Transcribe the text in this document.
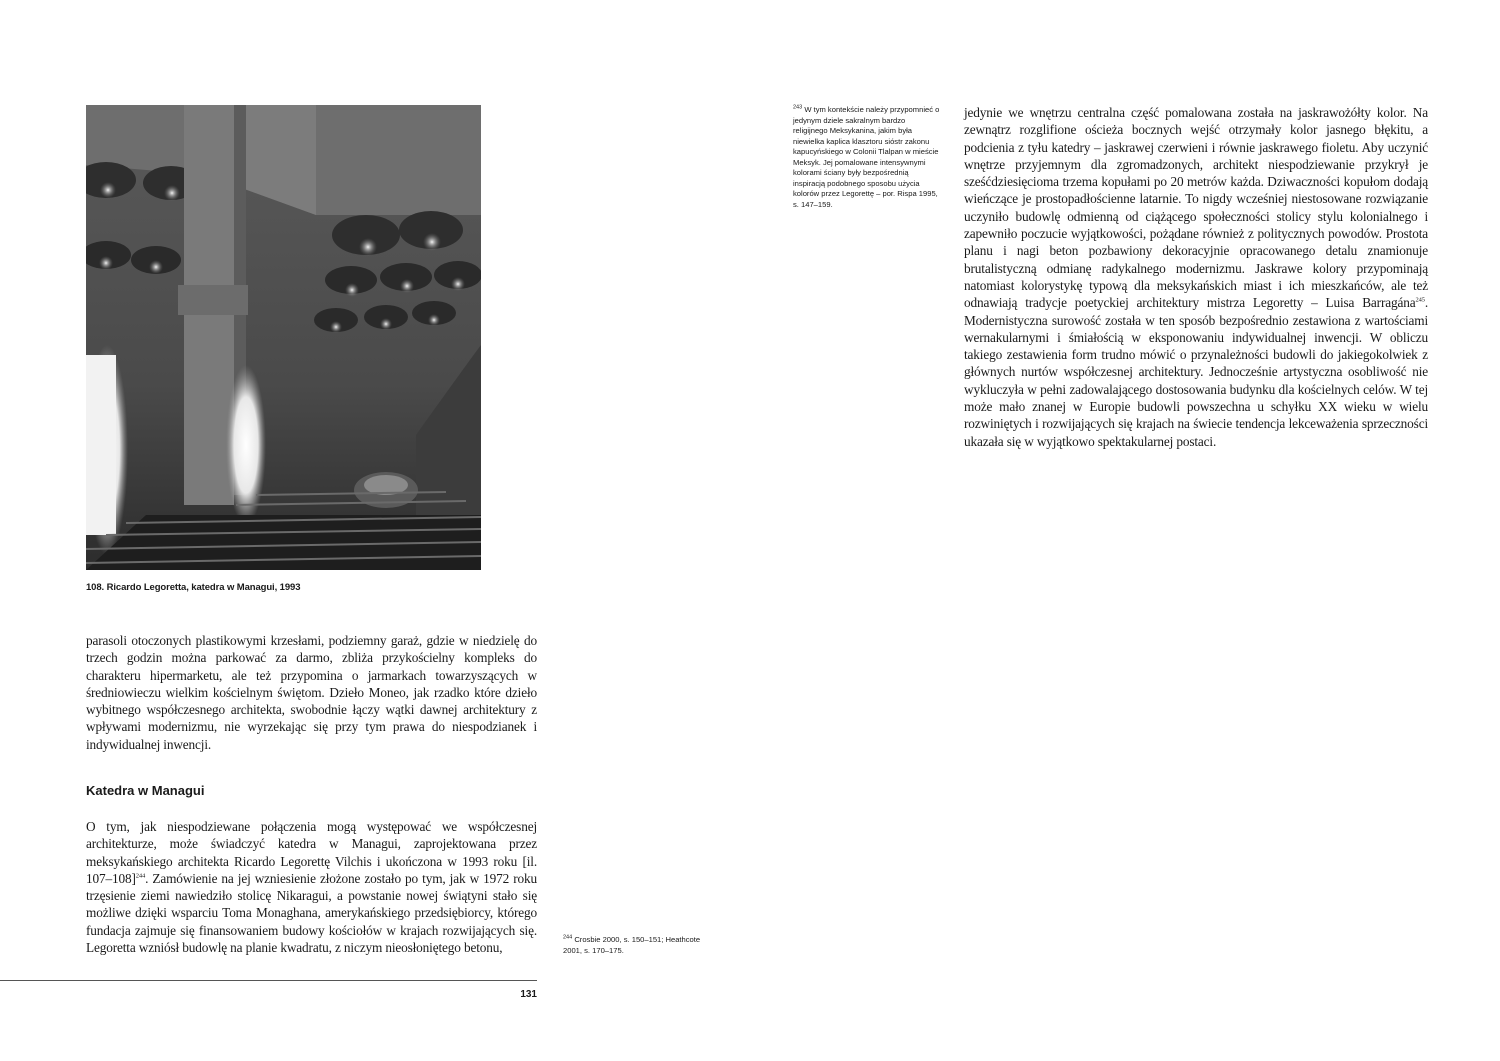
108. Ricardo Legoretta, katedra w Managui, 1993
parasoli otoczonych plastikowymi krzesłami, podziemny garaż, gdzie w niedzielę do trzech godzin można parkować za darmo, zbliża przykościelny kompleks do charakteru hipermarketu, ale też przypomina o jarmarkach towarzyszących w średniowieczu wielkim kościelnym świętom. Dziełо Moneo, jak rzadko które dzieło wybitnego współczesnego architekta, swobodnie łączy wątki dawnej architektury z wpływami modernizmu, nie wyrzekając się przy tym prawa do niespodzianek i indywidualnej inwencji.
Katedra w Managui
O tym, jak niespodziewane połączenia mogą występować we współczesnej architekturze, może świadczyć katedra w Managui, zaprojektowana przez meksykańskiego architekta Ricardo Legorettę Vilchis i ukończona w 1993 roku [il. 107–108]$^{244}$. Zamówienie na jej wzniesienie złożone zostało po tym, jak w 1972 roku trzęsienie ziemi nawiedziło stolicę Nikaragui, a powstanie nowej świątyni stało się możliwe dzięki wsparciu Toma Monaghana, amerykańskiego przedsiębiorcy, którego fundacja zajmuje się finansowaniem budowy kościołów w krajach rozwijających się. Legoretta wzniósł budowlę na planie kwadratu, z niczym nieosłoniętego betonu,
jedynie we wnętrzu centralna część pomalowana została na jaskrawożółty kolor. Na zewnątrz rozglifione ościeża bocznych wejść otrzymały kolor jasnego błękitu, a podcienia z tyłu katedry – jaskrawej czerwieni i równie jaskrawego fioletu. Aby uczynić wnętrze przyjemnym dla zgromadzonych, architekt niespodziewanie przykrył je sześćdziesięcioma trzema kopułami po 20 metrów każda. Dziwaczności kopułom dodają wieńczące je prostopadłościenne latarnie. To nigdy wcześniej niestosowane rozwiązanie uczyniło budowlę odmienną od ciążącego społeczności stolicy stylu kolonialnego i zapewniło poczucie wyjątkowości, pożądane również z politycznych powodów. Prostota planu i nagi beton pozbawiony dekoracyjnie opracowanego detalu znamionuje brutalistyczną odmianę radykalnego modernizmu. Jaskrawe kolory przypominają natomiast kolorystykę typową dla meksykańskich miast i ich mieszkańców, ale też odnawiają tradycje poetyckiej architektury mistrza Legoretty – Luisa Barragána$^{245}$. Modernistyczna surowość została w ten sposób bezpośrednio zestawiona z wartościami wernakularnymi i śmiałością w eksponowaniu indywidualnej inwencji. W obliczu takiego zestawienia form trudno mówić o przynależności budowli do jakiegokolwiek z głównych nurtów współczesnej architektury. Jednocześnie artystyczna osobliwość nie wykluczyła w pełni zadowalającego dostosowania budynku dla kościelnych celów. W tej może mało znanej w Europie budowli powszechna u schyłku XX wieku w wielu rozwiniętych i rozwijających się krajach na świecie tendencja lekceważenia sprzeczności ukazała się w wyjątkowo spektakularnej postaci.
$^{243}$ W tym kontekście należy przypomnieć o jedynym dziele sakralnym bardzo religijnego Meksykanina, jakim była niewielka kaplica klasztoru sióstr zakonu kapucyńskiego w Colonii Tlalpan w mieście Meksyk. Jej pomalowane intensywnymi kolorami ściany były bezpośrednią inspiracją podobnego sposobu użycia kolorów przez Legorettę – por. Rispa 1995, s. 147–159.
$^{244}$ Crosbie 2000, s. 150–151; Heathcote 2001, s. 170–175.
131
